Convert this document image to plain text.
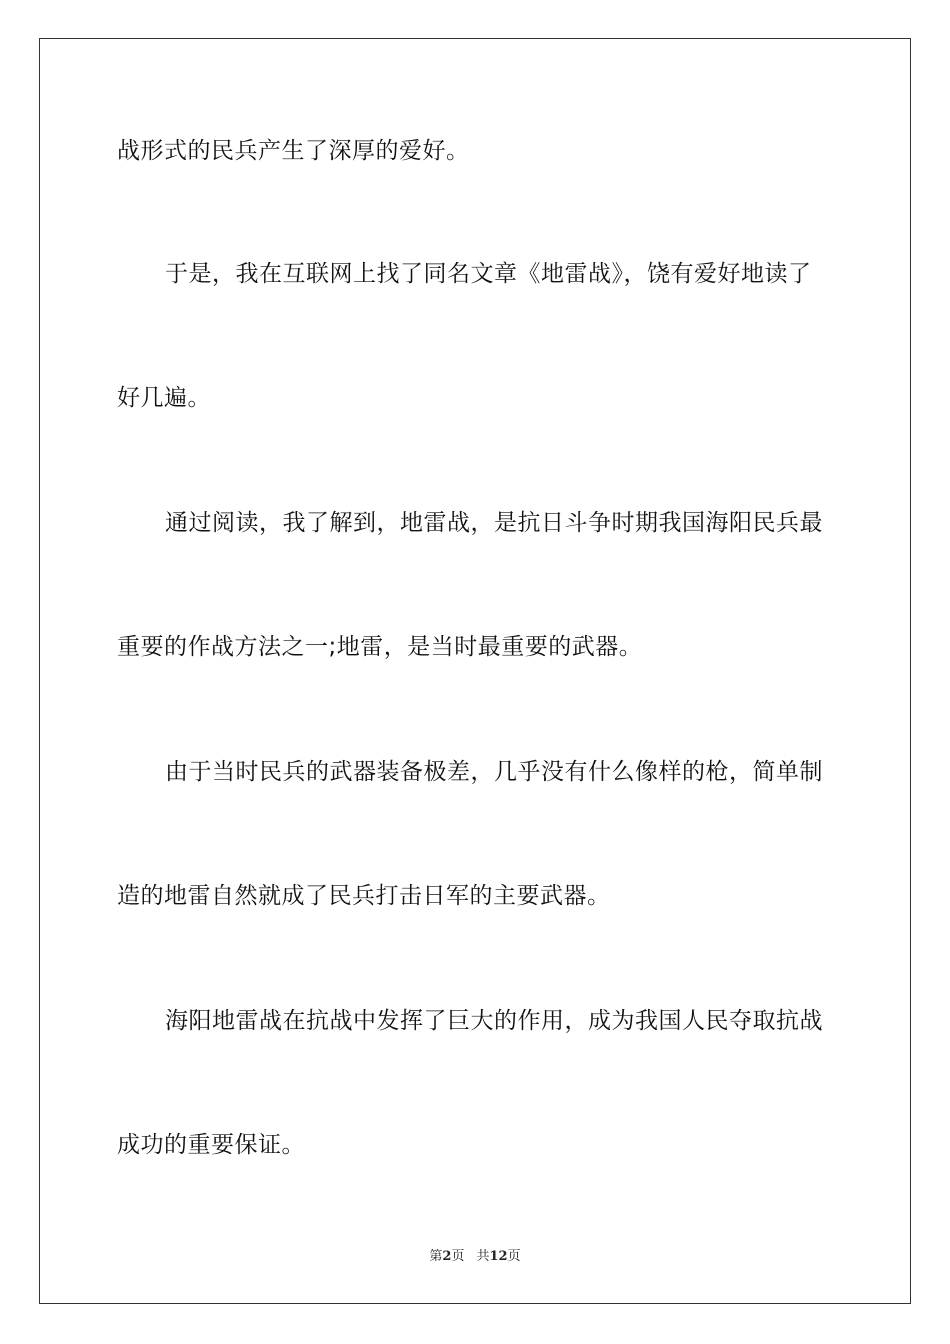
战形式的民兵产生了深厚的爱好。
于是，我在互联网上找了同名文章《地雷战》，饶有爱好地读了
好几遍。
通过阅读，我了解到，地雷战，是抗日斗争时期我国海阳民兵最
重要的作战方法之一;地雷，是当时最重要的武器。
由于当时民兵的武器装备极差，几乎没有什么像样的枪，简单制
造的地雷自然就成了民兵打击日军的主要武器。
海阳地雷战在抗战中发挥了巨大的作用，成为我国人民夺取抗战
成功的重要保证。
第2页 共12页
